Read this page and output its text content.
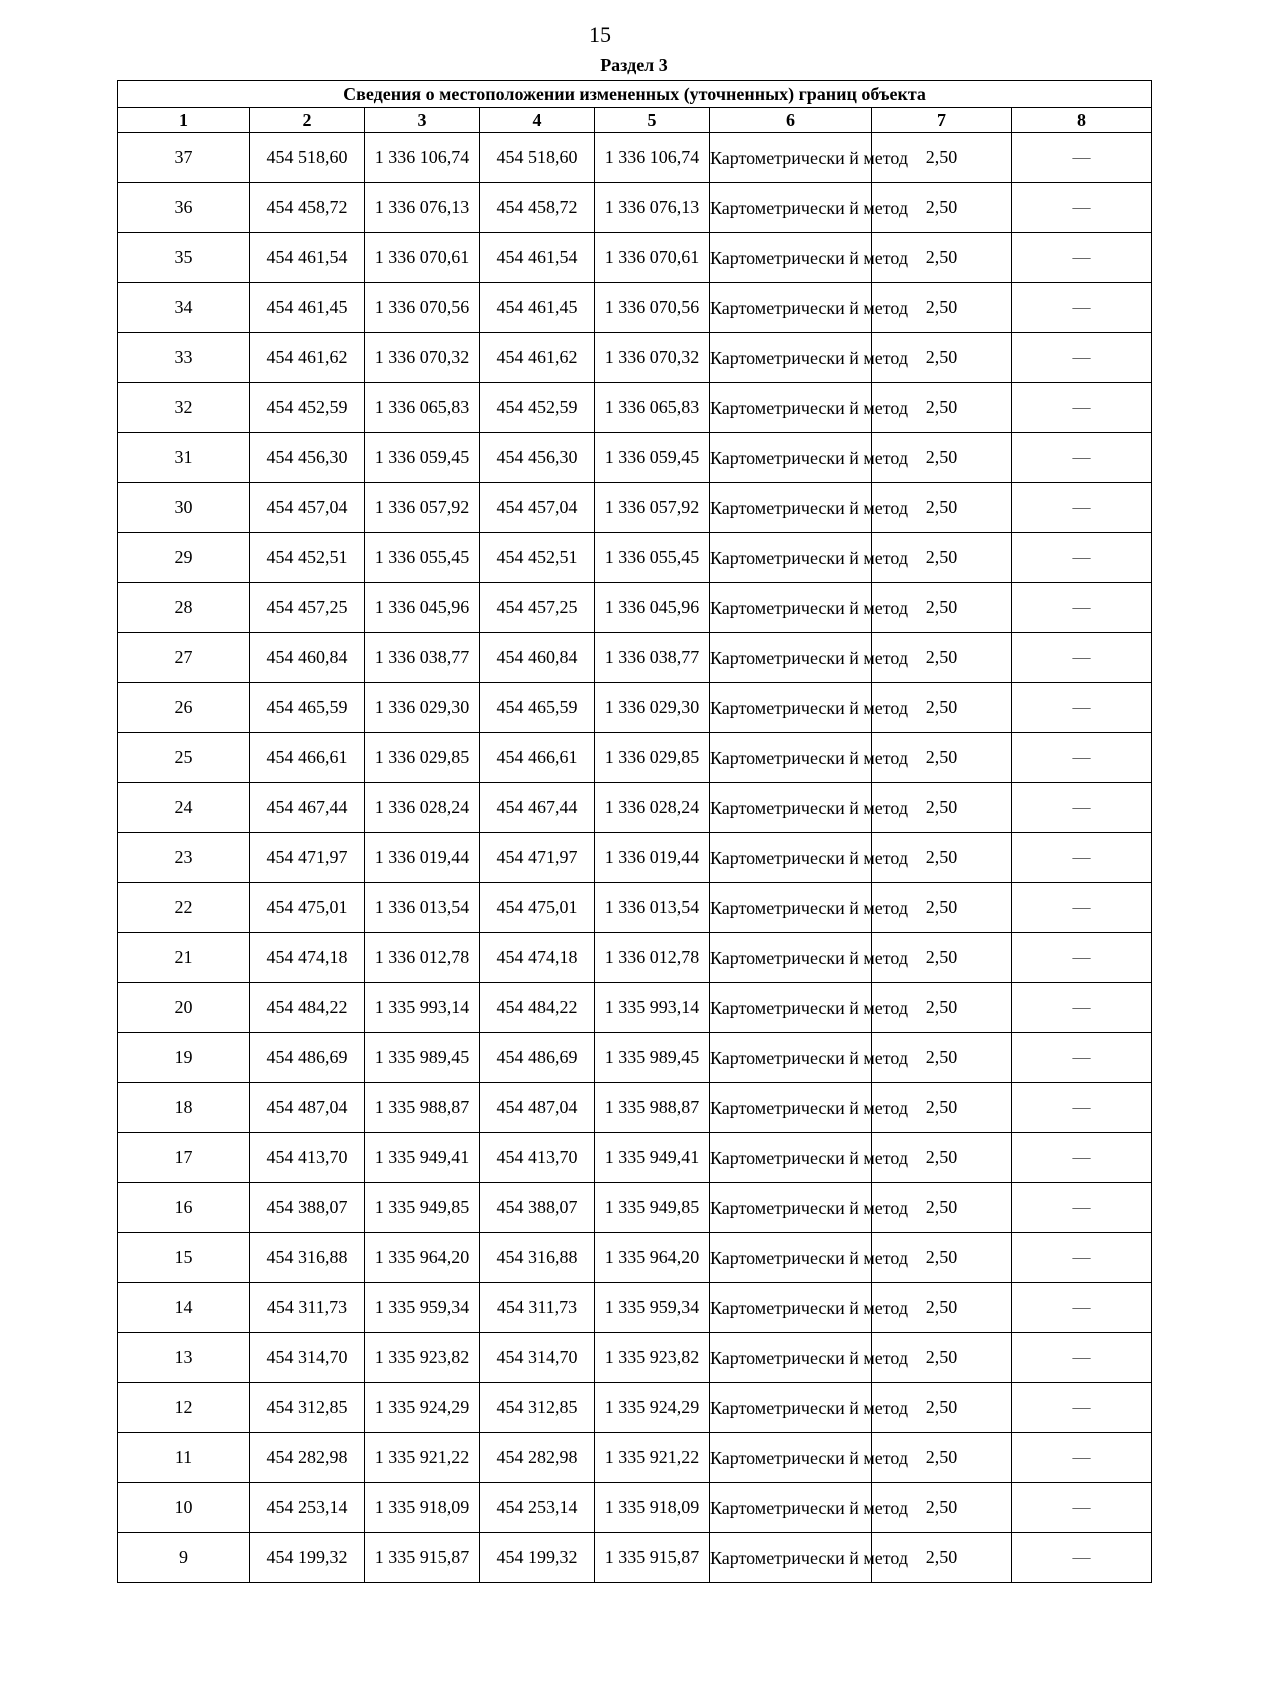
15
Раздел 3
Сведения о местоположении измененных (уточненных) границ объекта							
1	2	3	4	5	6	7	8
37	454 518,60	1 336 106,74	454 518,60	1 336 106,74	Картометрически й метод	2,50	—
36	454 458,72	1 336 076,13	454 458,72	1 336 076,13	Картометрически й метод	2,50	—
35	454 461,54	1 336 070,61	454 461,54	1 336 070,61	Картометрически й метод	2,50	—
34	454 461,45	1 336 070,56	454 461,45	1 336 070,56	Картометрически й метод	2,50	—
33	454 461,62	1 336 070,32	454 461,62	1 336 070,32	Картометрически й метод	2,50	—
32	454 452,59	1 336 065,83	454 452,59	1 336 065,83	Картометрически й метод	2,50	—
31	454 456,30	1 336 059,45	454 456,30	1 336 059,45	Картометрически й метод	2,50	—
30	454 457,04	1 336 057,92	454 457,04	1 336 057,92	Картометрически й метод	2,50	—
29	454 452,51	1 336 055,45	454 452,51	1 336 055,45	Картометрически й метод	2,50	—
28	454 457,25	1 336 045,96	454 457,25	1 336 045,96	Картометрически й метод	2,50	—
27	454 460,84	1 336 038,77	454 460,84	1 336 038,77	Картометрически й метод	2,50	—
26	454 465,59	1 336 029,30	454 465,59	1 336 029,30	Картометрически й метод	2,50	—
25	454 466,61	1 336 029,85	454 466,61	1 336 029,85	Картометрически й метод	2,50	—
24	454 467,44	1 336 028,24	454 467,44	1 336 028,24	Картометрически й метод	2,50	—
23	454 471,97	1 336 019,44	454 471,97	1 336 019,44	Картометрически й метод	2,50	—
22	454 475,01	1 336 013,54	454 475,01	1 336 013,54	Картометрически й метод	2,50	—
21	454 474,18	1 336 012,78	454 474,18	1 336 012,78	Картометрически й метод	2,50	—
20	454 484,22	1 335 993,14	454 484,22	1 335 993,14	Картометрически й метод	2,50	—
19	454 486,69	1 335 989,45	454 486,69	1 335 989,45	Картометрически й метод	2,50	—
18	454 487,04	1 335 988,87	454 487,04	1 335 988,87	Картометрически й метод	2,50	—
17	454 413,70	1 335 949,41	454 413,70	1 335 949,41	Картометрически й метод	2,50	—
16	454 388,07	1 335 949,85	454 388,07	1 335 949,85	Картометрически й метод	2,50	—
15	454 316,88	1 335 964,20	454 316,88	1 335 964,20	Картометрически й метод	2,50	—
14	454 311,73	1 335 959,34	454 311,73	1 335 959,34	Картометрически й метод	2,50	—
13	454 314,70	1 335 923,82	454 314,70	1 335 923,82	Картометрически й метод	2,50	—
12	454 312,85	1 335 924,29	454 312,85	1 335 924,29	Картометрически й метод	2,50	—
11	454 282,98	1 335 921,22	454 282,98	1 335 921,22	Картометрически й метод	2,50	—
10	454 253,14	1 335 918,09	454 253,14	1 335 918,09	Картометрически й метод	2,50	—
9	454 199,32	1 335 915,87	454 199,32	1 335 915,87	Картометрически й метод	2,50	—
